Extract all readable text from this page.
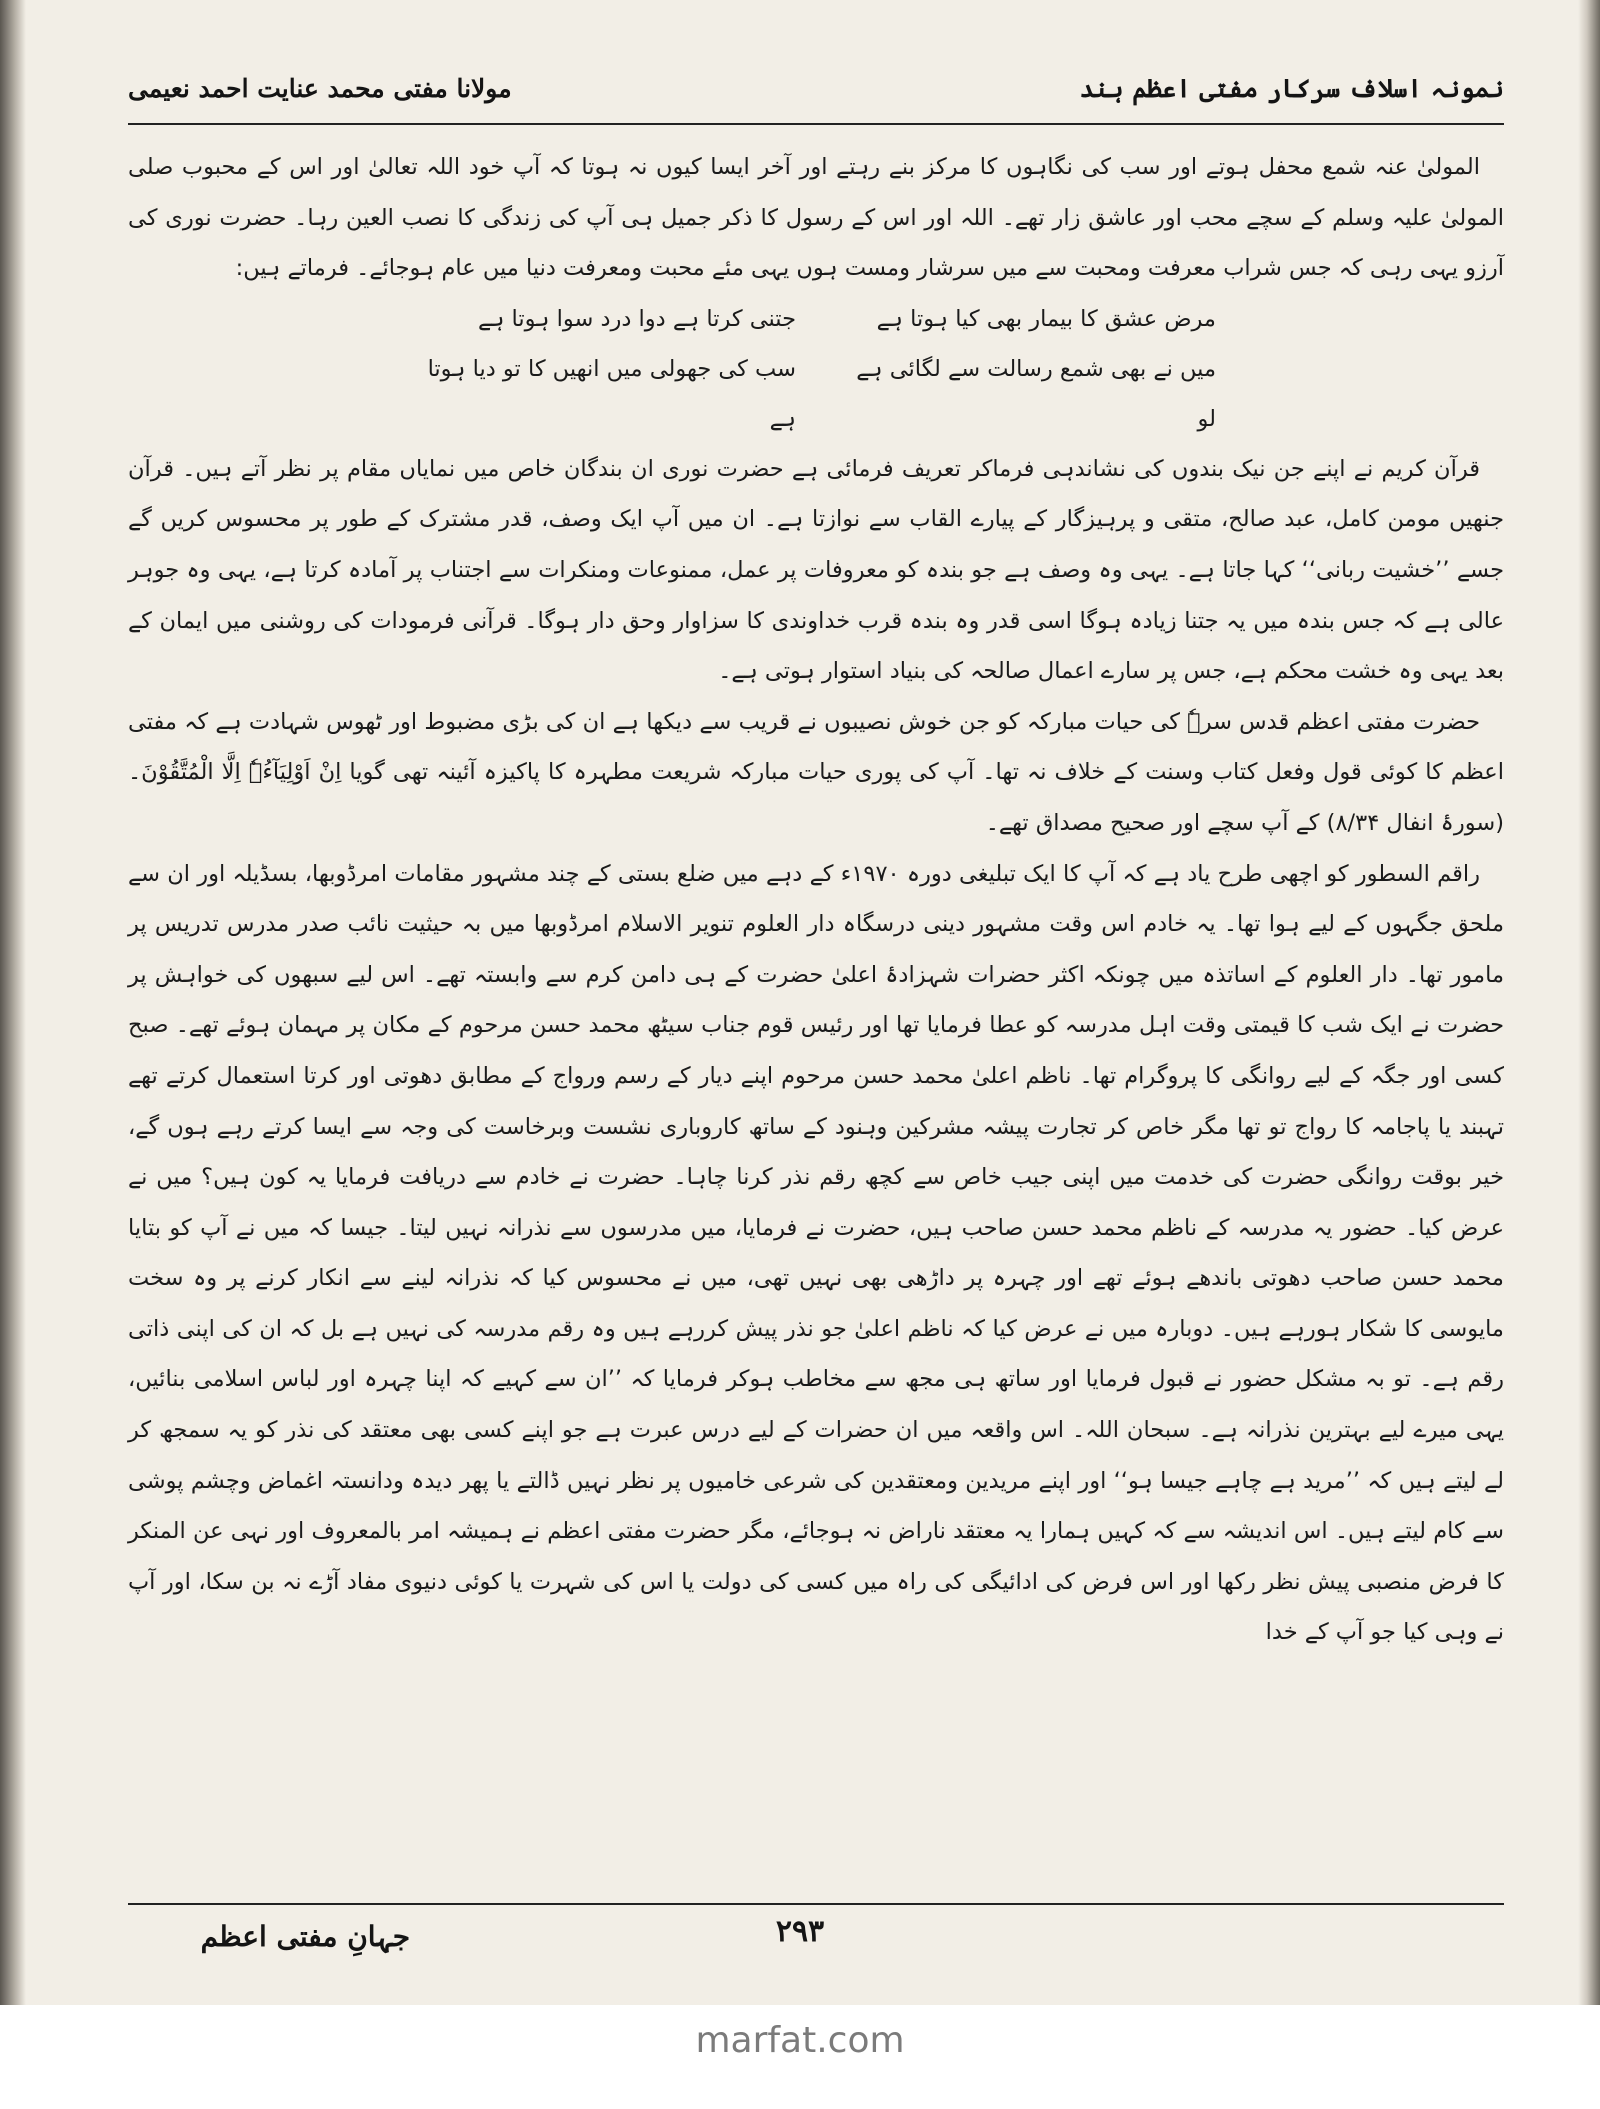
نمونہ اسلاف سرکار مفتی اعظم ہند
مولانا مفتی محمد عنایت احمد نعیمی

المولیٰ عنہ شمع محفل ہوتے اور سب کی نگاہوں کا مرکز بنے رہتے اور آخر ایسا کیوں نہ ہوتا کہ آپ خود اللہ تعالیٰ اور اس کے محبوب صلی المولیٰ علیہ وسلم کے سچے محب اور عاشق زار تھے۔ اللہ اور اس کے رسول کا ذکر جمیل ہی آپ کی زندگی کا نصب العین رہا۔ حضرت نوری کی آرزو یہی رہی کہ جس شراب معرفت ومحبت سے میں سرشار ومست ہوں یہی مئے محبت ومعرفت دنیا میں عام ہوجائے۔ فرماتے ہیں:

مرض عشق کا بیمار بھی کیا ہوتا ہے
جتنی کرتا ہے دوا درد سوا ہوتا ہے
میں نے بھی شمع رسالت سے لگائی ہے لو
سب کی جھولی میں انھیں کا تو دیا ہوتا ہے

قرآن کریم نے اپنے جن نیک بندوں کی نشاندہی فرماکر تعریف فرمائی ہے حضرت نوری ان بندگان خاص میں نمایاں مقام پر نظر آتے ہیں۔ قرآن جنھیں مومن کامل، عبد صالح، متقی و پرہیزگار کے پیارے القاب سے نوازتا ہے۔ ان میں آپ ایک وصف، قدر مشترک کے طور پر محسوس کریں گے جسے ’’خشیت ربانی‘‘ کہا جاتا ہے۔ یہی وہ وصف ہے جو بندہ کو معروفات پر عمل، ممنوعات ومنکرات سے اجتناب پر آمادہ کرتا ہے، یہی وہ جوہر عالی ہے کہ جس بندہ میں یہ جتنا زیادہ ہوگا اسی قدر وہ بندہ قرب خداوندی کا سزاوار وحق دار ہوگا۔ قرآنی فرمودات کی روشنی میں ایمان کے بعد یہی وہ خشت محکم ہے، جس پر سارے اعمال صالحہ کی بنیاد استوار ہوتی ہے۔

حضرت مفتی اعظم قدس سرہٗ کی حیات مبارکہ کو جن خوش نصیبوں نے قریب سے دیکھا ہے ان کی بڑی مضبوط اور ٹھوس شہادت ہے کہ مفتی اعظم کا کوئی قول وفعل کتاب وسنت کے خلاف نہ تھا۔ آپ کی پوری حیات مبارکہ شریعت مطہرہ کا پاکیزہ آئینہ تھی گویا اِنْ اَوْلِیَآءُہٗ اِلَّا الْمُتَّقُوْنَ۔ (سورۂ انفال ۸/۳۴) کے آپ سچے اور صحیح مصداق تھے۔

راقم السطور کو اچھی طرح یاد ہے کہ آپ کا ایک تبلیغی دورہ ۱۹۷۰ء کے دہے میں ضلع بستی کے چند مشہور مقامات امرڈوبھا، بسڈیلہ اور ان سے ملحق جگہوں کے لیے ہوا تھا۔ یہ خادم اس وقت مشہور دینی درسگاہ دار العلوم تنویر الاسلام امرڈوبھا میں بہ حیثیت نائب صدر مدرس تدریس پر مامور تھا۔ دار العلوم کے اساتذہ میں چونکہ اکثر حضرات شہزادۂ اعلیٰ حضرت کے ہی دامن کرم سے وابستہ تھے۔ اس لیے سبھوں کی خواہش پر حضرت نے ایک شب کا قیمتی وقت اہل مدرسہ کو عطا فرمایا تھا اور رئیس قوم جناب سیٹھ محمد حسن مرحوم کے مکان پر مہمان ہوئے تھے۔ صبح کسی اور جگہ کے لیے روانگی کا پروگرام تھا۔ ناظم اعلیٰ محمد حسن مرحوم اپنے دیار کے رسم ورواج کے مطابق دھوتی اور کرتا استعمال کرتے تھے تہبند یا پاجامہ کا رواج تو تھا مگر خاص کر تجارت پیشہ مشرکین وہنود کے ساتھ کاروباری نشست وبرخاست کی وجہ سے ایسا کرتے رہے ہوں گے، خیر بوقت روانگی حضرت کی خدمت میں اپنی جیب خاص سے کچھ رقم نذر کرنا چاہا۔ حضرت نے خادم سے دریافت فرمایا یہ کون ہیں؟ میں نے عرض کیا۔ حضور یہ مدرسہ کے ناظم محمد حسن صاحب ہیں، حضرت نے فرمایا، میں مدرسوں سے نذرانہ نہیں لیتا۔ جیسا کہ میں نے آپ کو بتایا محمد حسن صاحب دھوتی باندھے ہوئے تھے اور چہرہ پر داڑھی بھی نہیں تھی، میں نے محسوس کیا کہ نذرانہ لینے سے انکار کرنے پر وہ سخت مایوسی کا شکار ہورہے ہیں۔ دوبارہ میں نے عرض کیا کہ ناظم اعلیٰ جو نذر پیش کررہے ہیں وہ رقم مدرسہ کی نہیں ہے بل کہ ان کی اپنی ذاتی رقم ہے۔ تو بہ مشکل حضور نے قبول فرمایا اور ساتھ ہی مجھ سے مخاطب ہوکر فرمایا کہ ’’ان سے کہیے کہ اپنا چہرہ اور لباس اسلامی بنائیں، یہی میرے لیے بہترین نذرانہ ہے۔ سبحان اللہ۔ اس واقعہ میں ان حضرات کے لیے درس عبرت ہے جو اپنے کسی بھی معتقد کی نذر کو یہ سمجھ کر لے لیتے ہیں کہ ’’مرید ہے چاہے جیسا ہو‘‘ اور اپنے مریدین ومعتقدین کی شرعی خامیوں پر نظر نہیں ڈالتے یا پھر دیدہ ودانستہ اغماض وچشم پوشی سے کام لیتے ہیں۔ اس اندیشہ سے کہ کہیں ہمارا یہ معتقد ناراض نہ ہوجائے، مگر حضرت مفتی اعظم نے ہمیشہ امر بالمعروف اور نہی عن المنکر کا فرض منصبی پیش نظر رکھا اور اس فرض کی ادائیگی کی راہ میں کسی کی دولت یا اس کی شہرت یا کوئی دنیوی مفاد آڑے نہ بن سکا، اور آپ نے وہی کیا جو آپ کے خدا

۲۹۳
جہانِ مفتی اعظم
marfat.com
